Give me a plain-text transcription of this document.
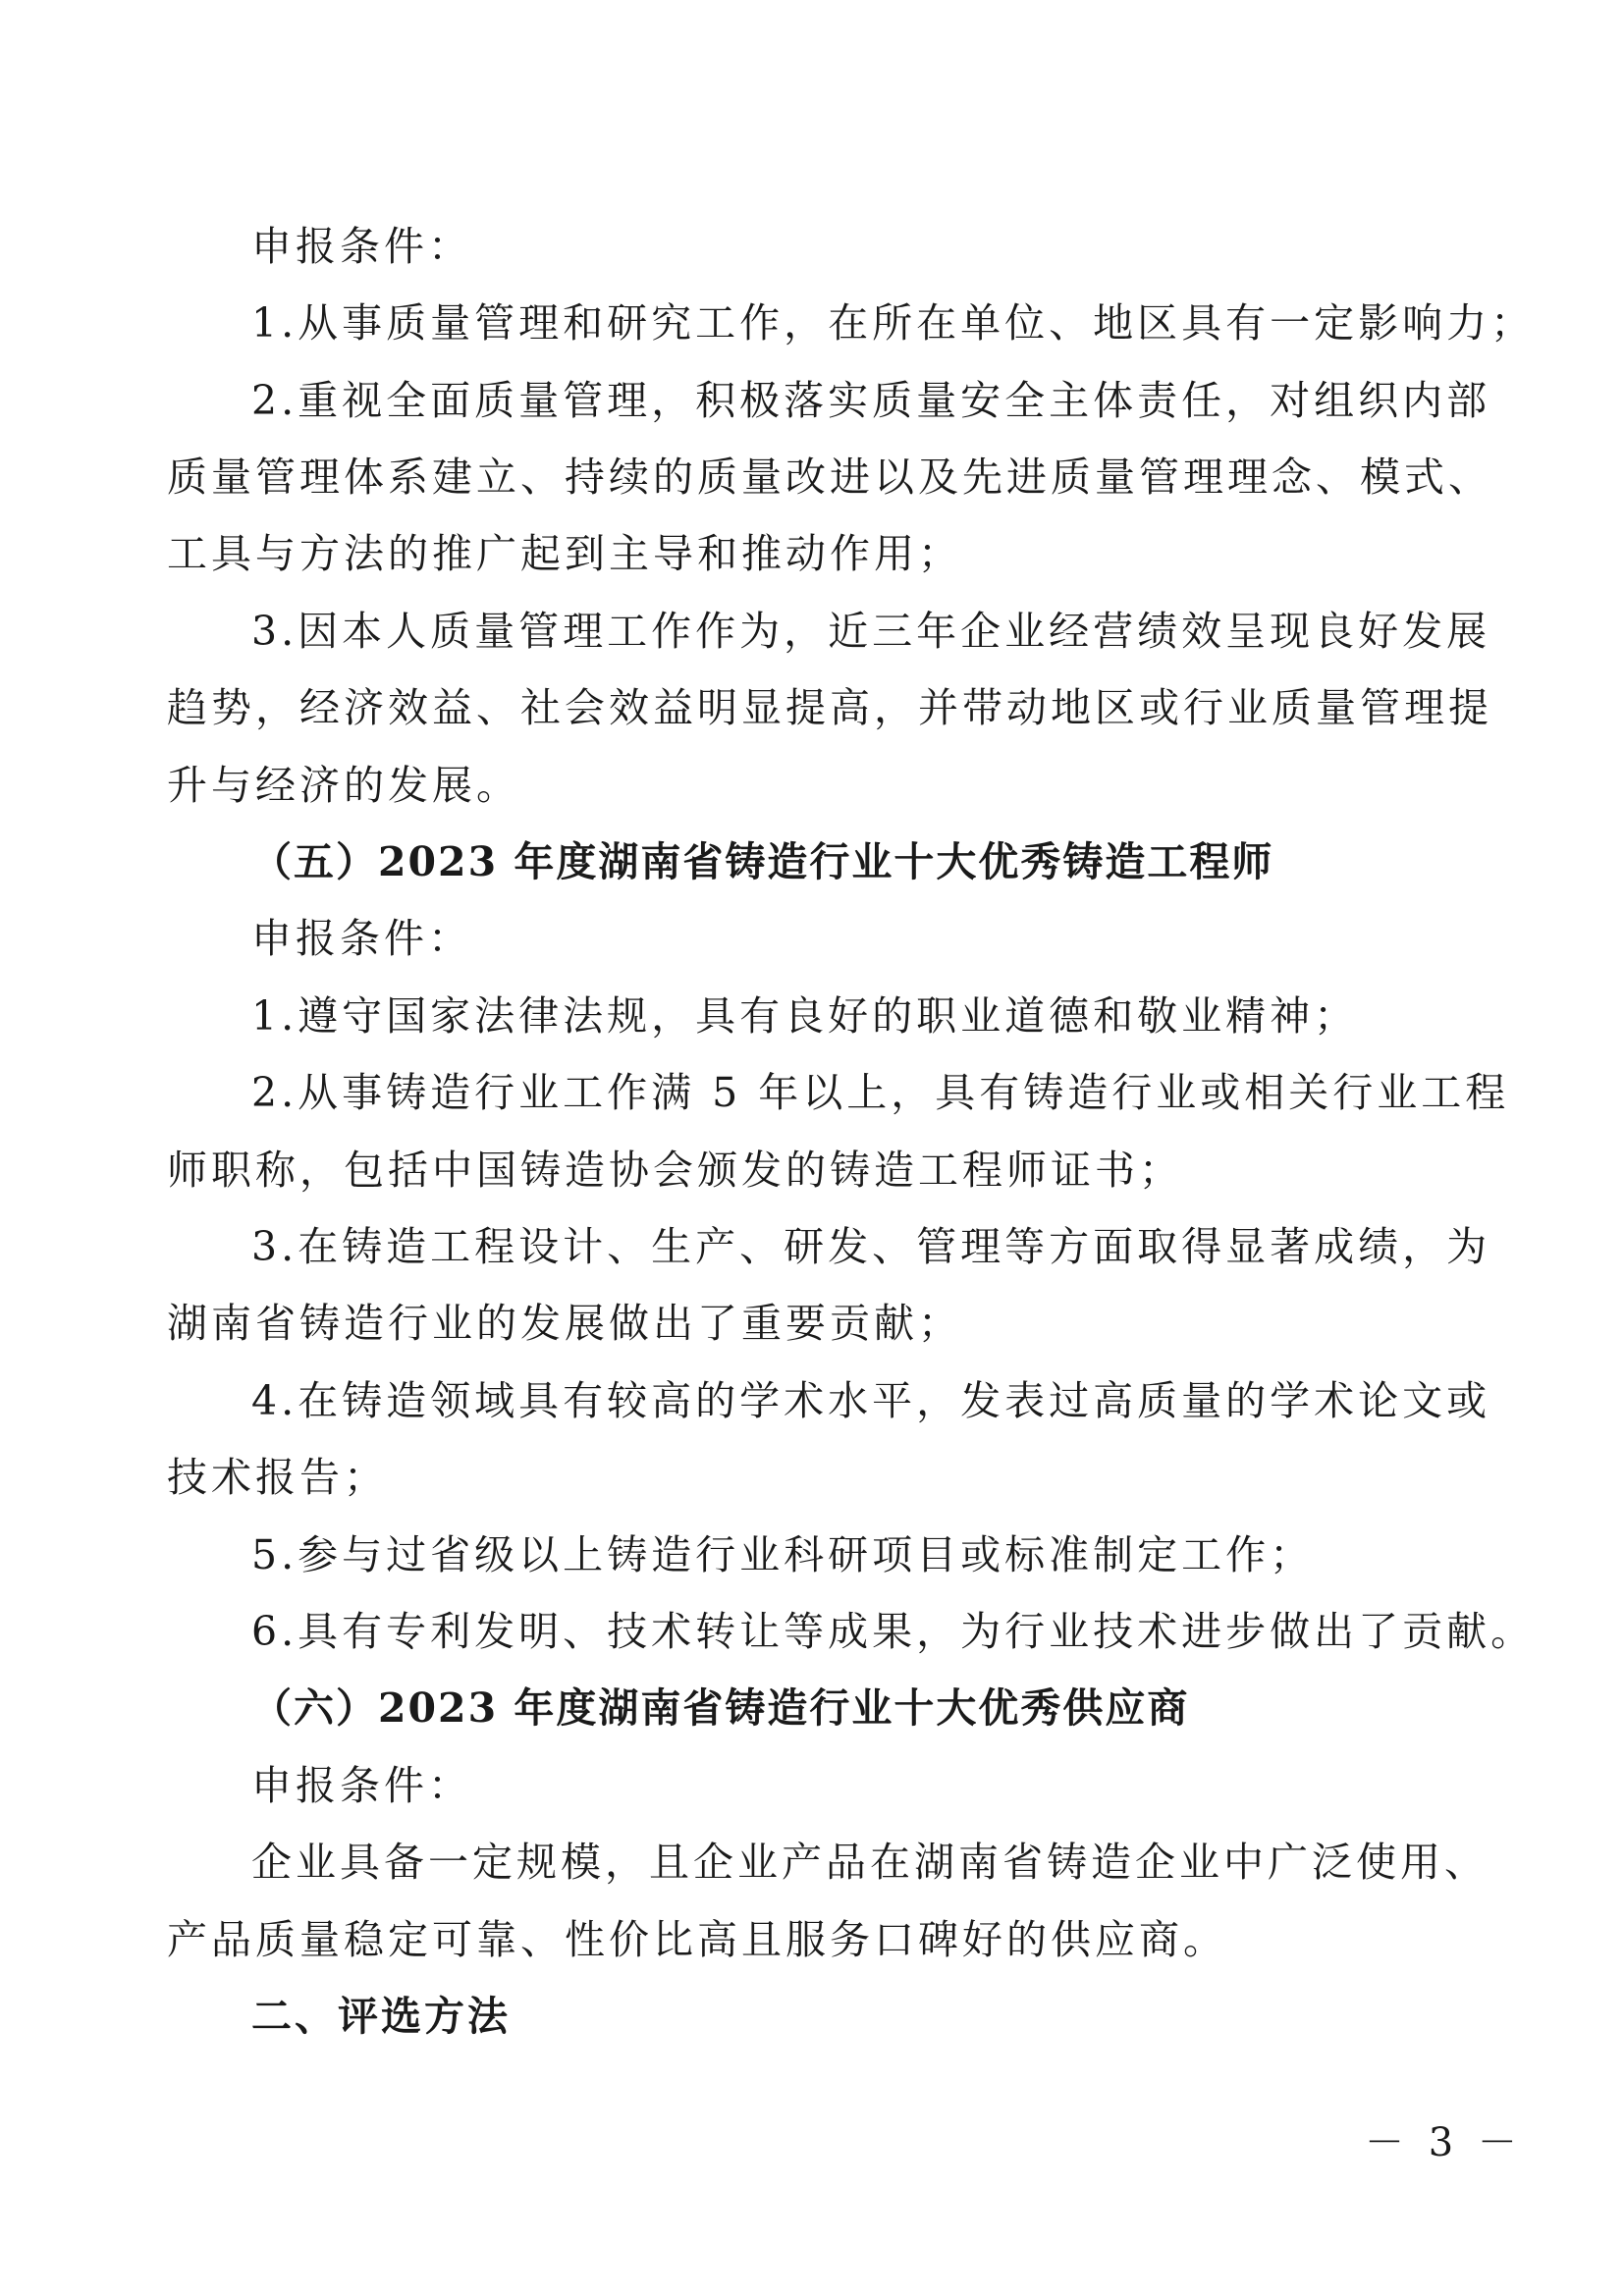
申报条件：
1.从事质量管理和研究工作，在所在单位、地区具有一定影响力；
2.重视全面质量管理，积极落实质量安全主体责任，对组织内部
质量管理体系建立、持续的质量改进以及先进质量管理理念、模式、
工具与方法的推广起到主导和推动作用；
3.因本人质量管理工作作为，近三年企业经营绩效呈现良好发展
趋势，经济效益、社会效益明显提高，并带动地区或行业质量管理提
升与经济的发展。
（五）2023 年度湖南省铸造行业十大优秀铸造工程师
申报条件：
1.遵守国家法律法规，具有良好的职业道德和敬业精神；
2.从事铸造行业工作满 5 年以上，具有铸造行业或相关行业工程
师职称，包括中国铸造协会颁发的铸造工程师证书；
3.在铸造工程设计、生产、研发、管理等方面取得显著成绩，为
湖南省铸造行业的发展做出了重要贡献；
4.在铸造领域具有较高的学术水平，发表过高质量的学术论文或
技术报告；
5.参与过省级以上铸造行业科研项目或标准制定工作；
6.具有专利发明、技术转让等成果，为行业技术进步做出了贡献。
（六）2023 年度湖南省铸造行业十大优秀供应商
申报条件：
企业具备一定规模，且企业产品在湖南省铸造企业中广泛使用、
产品质量稳定可靠、性价比高且服务口碑好的供应商。
二、评选方法
－ 3 －
